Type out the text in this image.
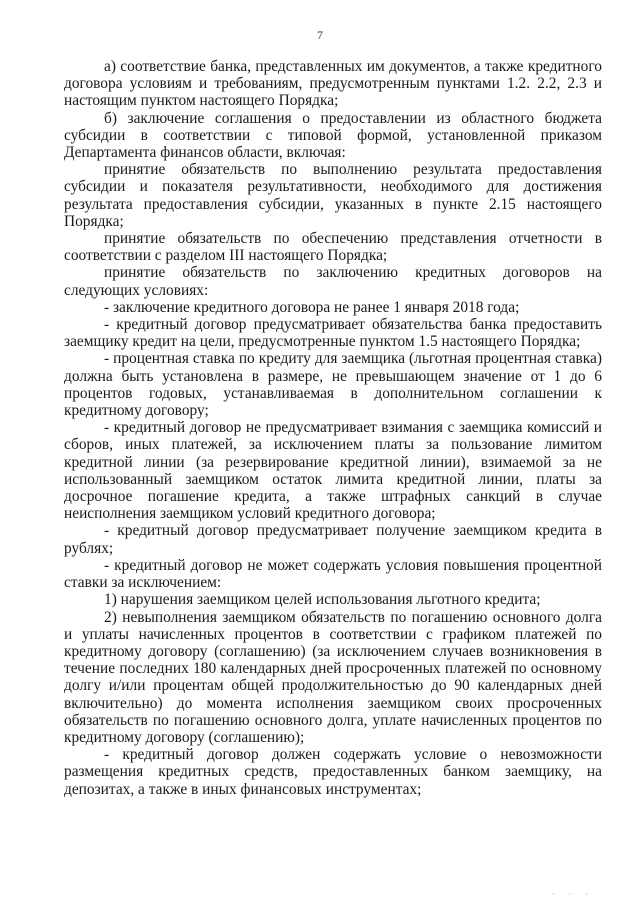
7

а) соответствие банка, представленных им документов, а также кредитного договора условиям и требованиям, предусмотренным пунктами 1.2. 2.2, 2.3 и настоящим пунктом настоящего Порядка;

б) заключение соглашения о предоставлении из областного бюджета субсидии в соответствии с типовой формой, установленной приказом Департамента финансов области, включая:

принятие обязательств по выполнению результата предоставления субсидии и показателя результативности, необходимого для достижения результата предоставления субсидии, указанных в пункте 2.15 настоящего Порядка;

принятие обязательств по обеспечению представления отчетности в соответствии с разделом III настоящего Порядка;

принятие обязательств по заключению кредитных договоров на следующих условиях:

- заключение кредитного договора не ранее 1 января 2018 года;

- кредитный договор предусматривает обязательства банка предоставить заемщику кредит на цели, предусмотренные пунктом 1.5 настоящего Порядка;

- процентная ставка по кредиту для заемщика (льготная процентная ставка) должна быть установлена в размере, не превышающем значение от 1 до 6 процентов годовых, устанавливаемая в дополнительном соглашении к кредитному договору;

- кредитный договор не предусматривает взимания с заемщика комиссий и сборов, иных платежей, за исключением платы за пользование лимитом кредитной линии (за резервирование кредитной линии), взимаемой за не использованный заемщиком остаток лимита кредитной линии, платы за досрочное погашение кредита, а также штрафных санкций в случае неисполнения заемщиком условий кредитного договора;

- кредитный договор предусматривает получение заемщиком кредита в рублях;

- кредитный договор не может содержать условия повышения процентной ставки за исключением:

1) нарушения заемщиком целей использования льготного кредита;

2) невыполнения заемщиком обязательств по погашению основного долга и уплаты начисленных процентов в соответствии с графиком платежей по кредитному договору (соглашению) (за исключением случаев возникновения в течение последних 180 календарных дней просроченных платежей по основному долгу и/или процентам общей продолжительностью до 90 календарных дней включительно) до момента исполнения заемщиком своих просроченных обязательств по погашению основного долга, уплате начисленных процентов по кредитному договору (соглашению);

- кредитный договор должен содержать условие о невозможности размещения кредитных средств, предоставленных банком заемщику, на депозитах, а также в иных финансовых инструментах;

· · ·
